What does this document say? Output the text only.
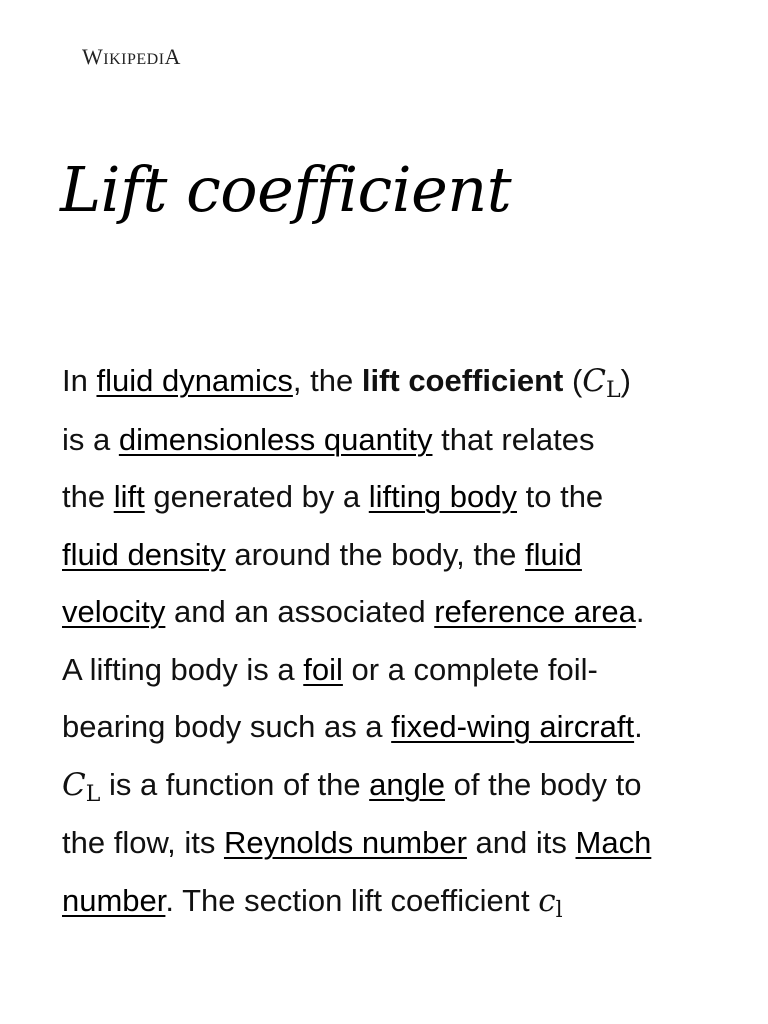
WIKIPEDIA
Lift coefficient
In fluid dynamics, the lift coefficient $(C_L)$
is a dimensionless quantity that relates
the lift generated by a lifting body to the
fluid density around the body, the fluid
velocity and an associated reference area.
A lifting body is a foil or a complete foil-
bearing body such as a fixed-wing aircraft.
$C_L$ is a function of the angle of the body to
the flow, its Reynolds number and its Mach
number. The section lift coefficient $c_l$
